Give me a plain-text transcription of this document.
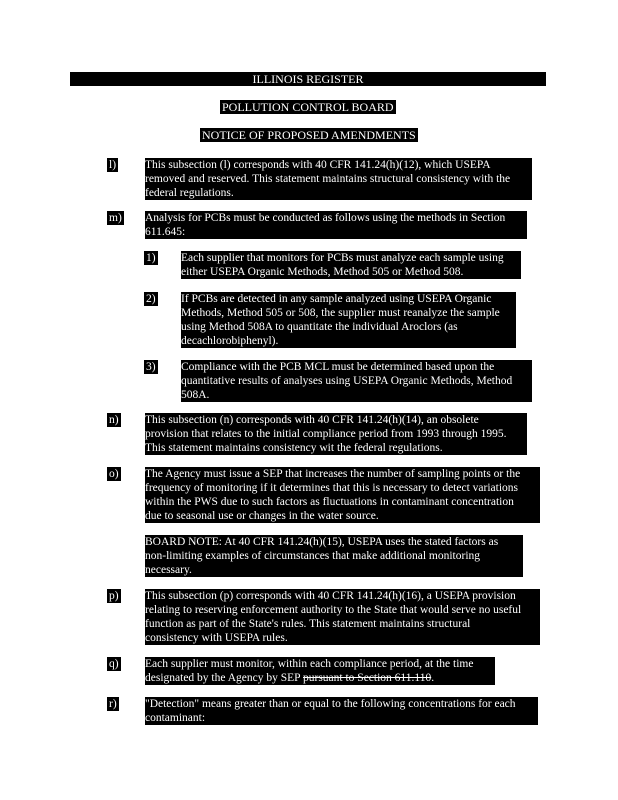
ILLINOIS REGISTER
POLLUTION CONTROL BOARD
NOTICE OF PROPOSED AMENDMENTS
l)	This subsection (l) corresponds with 40 CFR 141.24(h)(12), which USEPA
removed and reserved. This statement maintains structural consistency with the
federal regulations.
m) Analysis for PCBs must be conducted as follows using the methods in Section
611.645:
1) Each supplier that monitors for PCBs must analyze each sample using
either USEPA Organic Methods, Method 505 or Method 508.
2) If PCBs are detected in any sample analyzed using USEPA Organic
Methods, Method 505 or 508, the supplier must reanalyze the sample
using Method 508A to quantitate the individual Aroclors (as
decachlorobiphenyl).
3) Compliance with the PCB MCL must be determined based upon the
quantitative results of analyses using USEPA Organic Methods, Method
508A.
n) This subsection (n) corresponds with 40 CFR 141.24(h)(14), an obsolete
provision that relates to the initial compliance period from 1993 through 1995.
This statement maintains consistency wit the federal regulations.
o) The Agency must issue a SEP that increases the number of sampling points or the
frequency of monitoring if it determines that this is necessary to detect variations
within the PWS due to such factors as fluctuations in contaminant concentration
due to seasonal use or changes in the water source.
BOARD NOTE: At 40 CFR 141.24(h)(15), USEPA uses the stated factors as
non-limiting examples of circumstances that make additional monitoring
necessary.
p) This subsection (p) corresponds with 40 CFR 141.24(h)(16), a USEPA provision
relating to reserving enforcement authority to the State that would serve no useful
function as part of the State's rules. This statement maintains structural
consistency with USEPA rules.
q) Each supplier must monitor, within each compliance period, at the time
designated by the Agency by SEP pursuant to Section 611.110.
r) "Detection" means greater than or equal to the following concentrations for each
contaminant:
